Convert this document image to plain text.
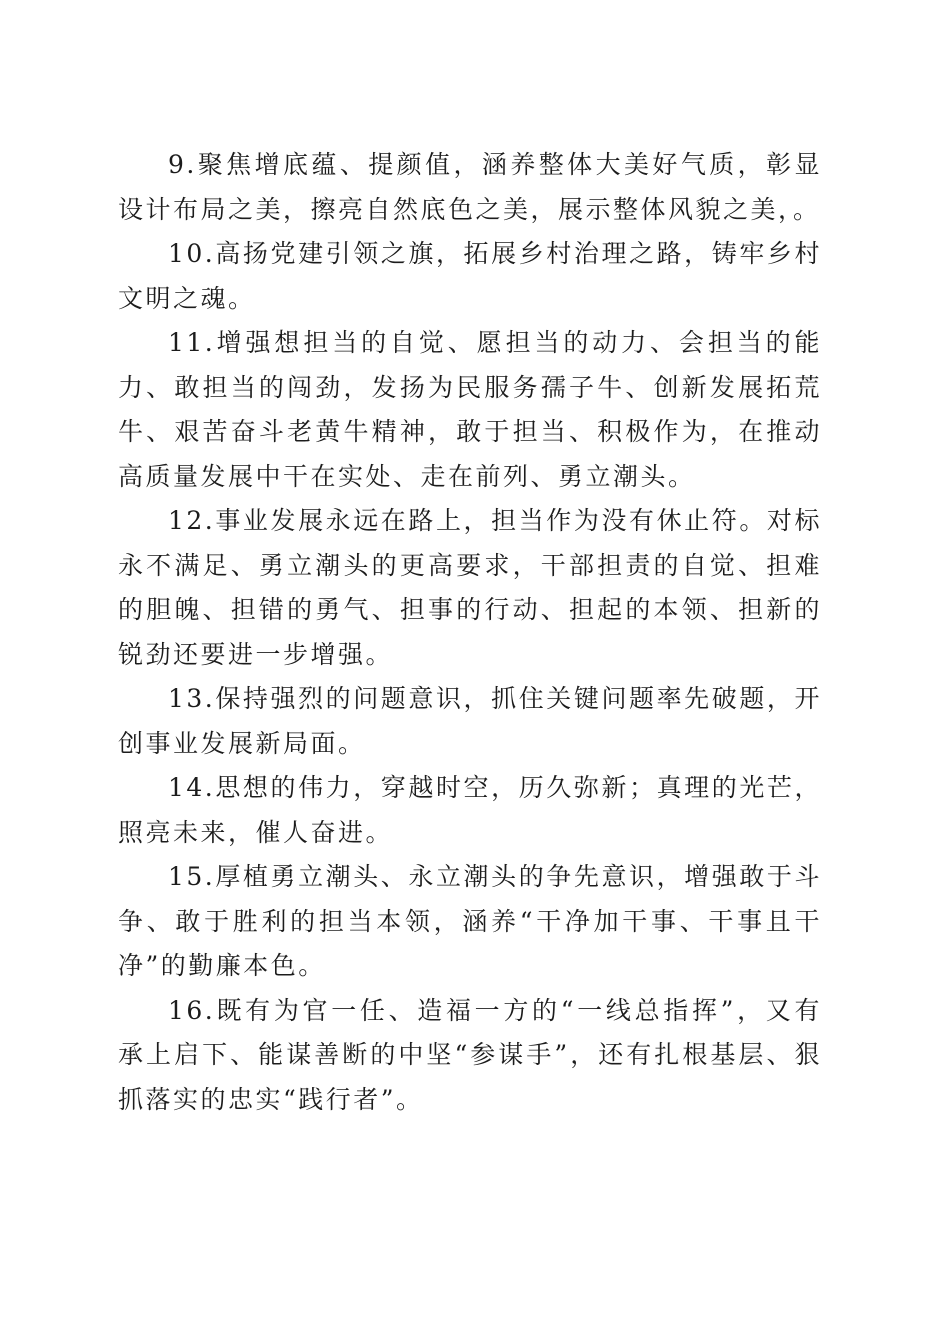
9.聚焦增底蕴、提颜值，涵养整体大美好气质，彰显设计布局之美，擦亮自然底色之美，展示整体风貌之美，。

10.高扬党建引领之旗，拓展乡村治理之路，铸牢乡村文明之魂。

11.增强想担当的自觉、愿担当的动力、会担当的能力、敢担当的闯劲，发扬为民服务孺子牛、创新发展拓荒牛、艰苦奋斗老黄牛精神，敢于担当、积极作为，在推动高质量发展中干在实处、走在前列、勇立潮头。

12.事业发展永远在路上，担当作为没有休止符。对标永不满足、勇立潮头的更高要求，干部担责的自觉、担难的胆魄、担错的勇气、担事的行动、担起的本领、担新的锐劲还要进一步增强。

13.保持强烈的问题意识，抓住关键问题率先破题，开创事业发展新局面。

14.思想的伟力，穿越时空，历久弥新；真理的光芒，照亮未来，催人奋进。

15.厚植勇立潮头、永立潮头的争先意识，增强敢于斗争、敢于胜利的担当本领，涵养“干净加干事、干事且干净”的勤廉本色。

16.既有为官一任、造福一方的“一线总指挥”，又有承上启下、能谋善断的中坚“参谋手”，还有扎根基层、狠抓落实的忠实“践行者”。
